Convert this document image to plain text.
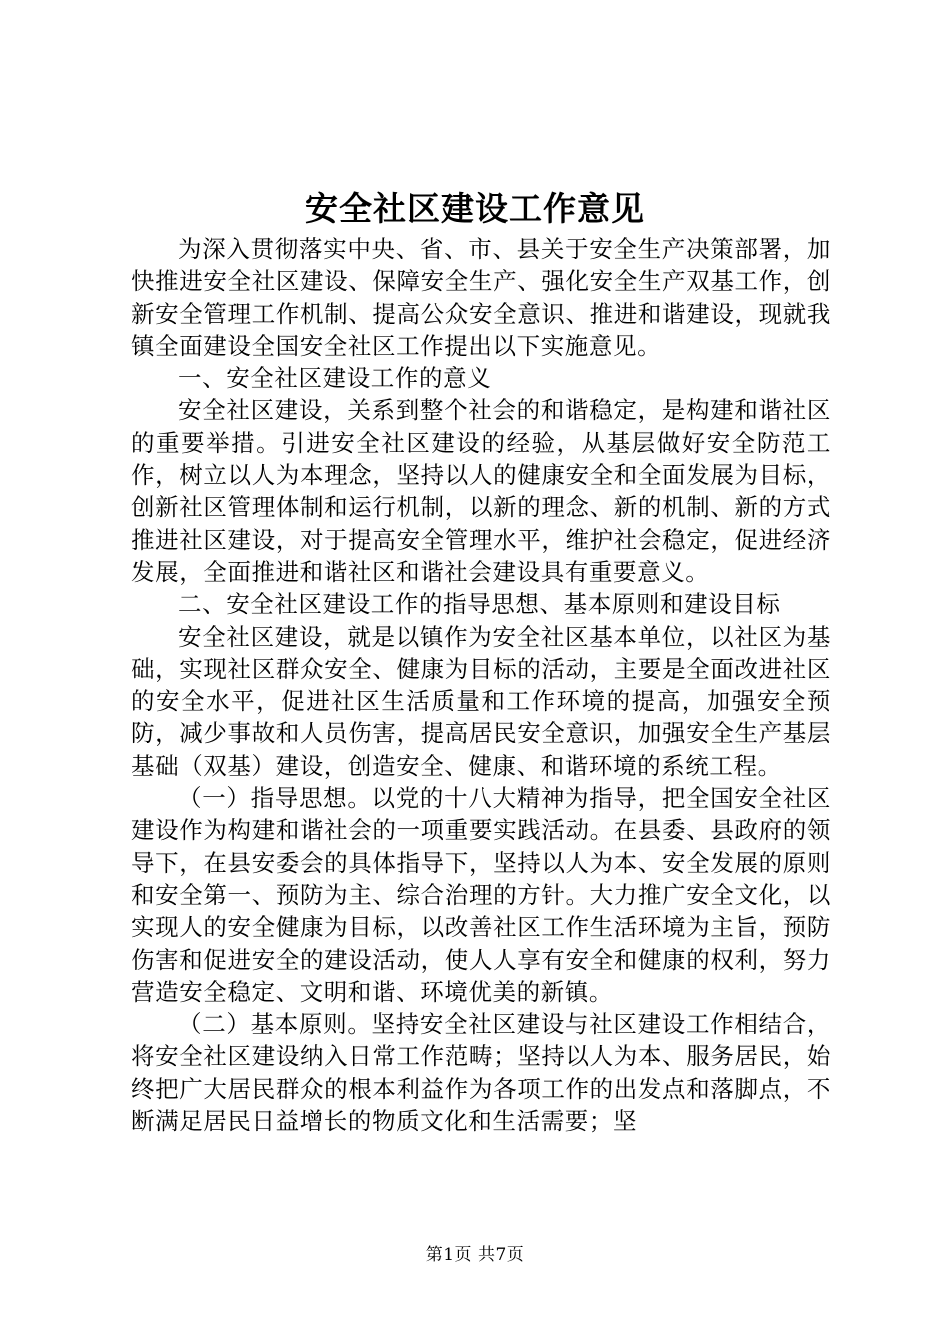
安全社区建设工作意见

为深入贯彻落实中央、省、市、县关于安全生产决策部署，加快推进安全社区建设、保障安全生产、强化安全生产双基工作，创新安全管理工作机制、提高公众安全意识、推进和谐建设，现就我镇全面建设全国安全社区工作提出以下实施意见。

一、安全社区建设工作的意义

安全社区建设，关系到整个社会的和谐稳定，是构建和谐社区的重要举措。引进安全社区建设的经验，从基层做好安全防范工作，树立以人为本理念，坚持以人的健康安全和全面发展为目标，创新社区管理体制和运行机制，以新的理念、新的机制、新的方式推进社区建设，对于提高安全管理水平，维护社会稳定，促进经济发展，全面推进和谐社区和谐社会建设具有重要意义。

二、安全社区建设工作的指导思想、基本原则和建设目标

安全社区建设，就是以镇作为安全社区基本单位，以社区为基础，实现社区群众安全、健康为目标的活动，主要是全面改进社区的安全水平，促进社区生活质量和工作环境的提高，加强安全预防，减少事故和人员伤害，提高居民安全意识，加强安全生产基层基础（双基）建设，创造安全、健康、和谐环境的系统工程。

（一）指导思想。以党的十八大精神为指导，把全国安全社区建设作为构建和谐社会的一项重要实践活动。在县委、县政府的领导下，在县安委会的具体指导下，坚持以人为本、安全发展的原则和安全第一、预防为主、综合治理的方针。大力推广安全文化，以实现人的安全健康为目标，以改善社区工作生活环境为主旨，预防伤害和促进安全的建设活动，使人人享有安全和健康的权利，努力营造安全稳定、文明和谐、环境优美的新镇。

（二）基本原则。坚持安全社区建设与社区建设工作相结合，将安全社区建设纳入日常工作范畴；坚持以人为本、服务居民，始终把广大居民群众的根本利益作为各项工作的出发点和落脚点，不断满足居民日益增长的物质文化和生活需要；坚

第1页 共7页
